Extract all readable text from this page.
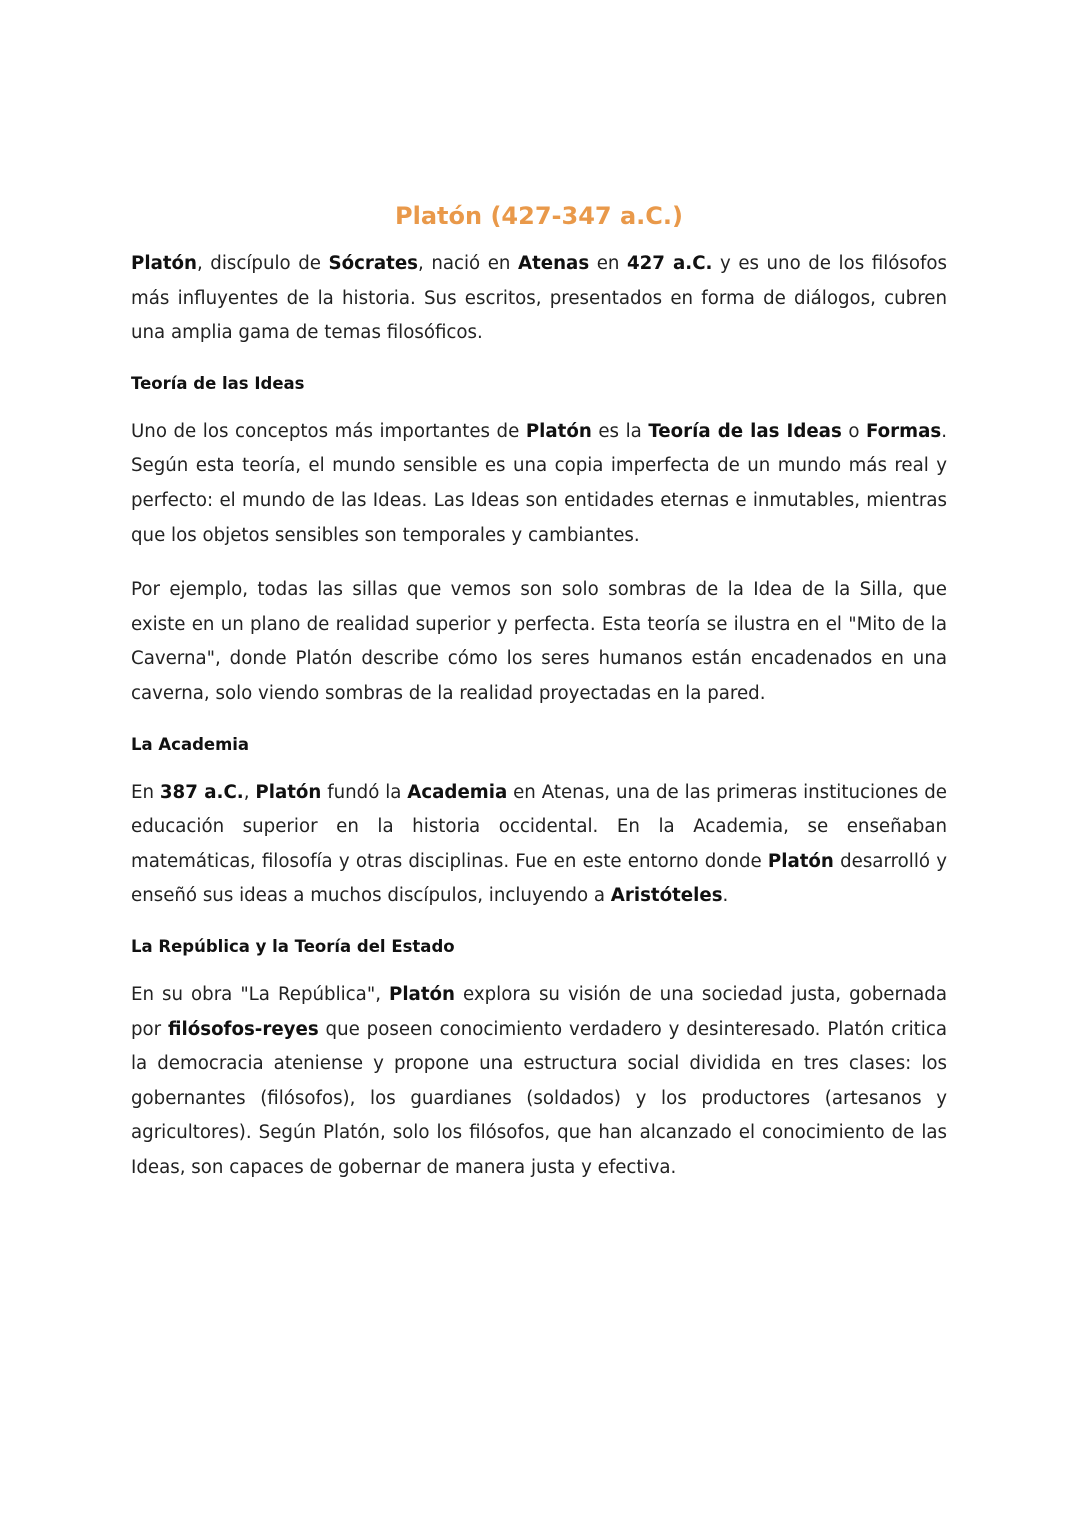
Platón (427-347 a.C.)

Platón, discípulo de Sócrates, nació en Atenas en 427 a.C. y es uno de los filósofos más influyentes de la historia. Sus escritos, presentados en forma de diálogos, cubren una amplia gama de temas filosóficos.

Teoría de las Ideas

Uno de los conceptos más importantes de Platón es la Teoría de las Ideas o Formas. Según esta teoría, el mundo sensible es una copia imperfecta de un mundo más real y perfecto: el mundo de las Ideas. Las Ideas son entidades eternas e inmutables, mientras que los objetos sensibles son temporales y cambiantes.

Por ejemplo, todas las sillas que vemos son solo sombras de la Idea de la Silla, que existe en un plano de realidad superior y perfecta. Esta teoría se ilustra en el "Mito de la Caverna", donde Platón describe cómo los seres humanos están encadenados en una caverna, solo viendo sombras de la realidad proyectadas en la pared.

La Academia

En 387 a.C., Platón fundó la Academia en Atenas, una de las primeras instituciones de educación superior en la historia occidental. En la Academia, se enseñaban matemáticas, filosofía y otras disciplinas. Fue en este entorno donde Platón desarrolló y enseñó sus ideas a muchos discípulos, incluyendo a Aristóteles.

La República y la Teoría del Estado

En su obra "La República", Platón explora su visión de una sociedad justa, gobernada por filósofos-reyes que poseen conocimiento verdadero y desinteresado. Platón critica la democracia ateniense y propone una estructura social dividida en tres clases: los gobernantes (filósofos), los guardianes (soldados) y los productores (artesanos y agricultores). Según Platón, solo los filósofos, que han alcanzado el conocimiento de las Ideas, son capaces de gobernar de manera justa y efectiva.
